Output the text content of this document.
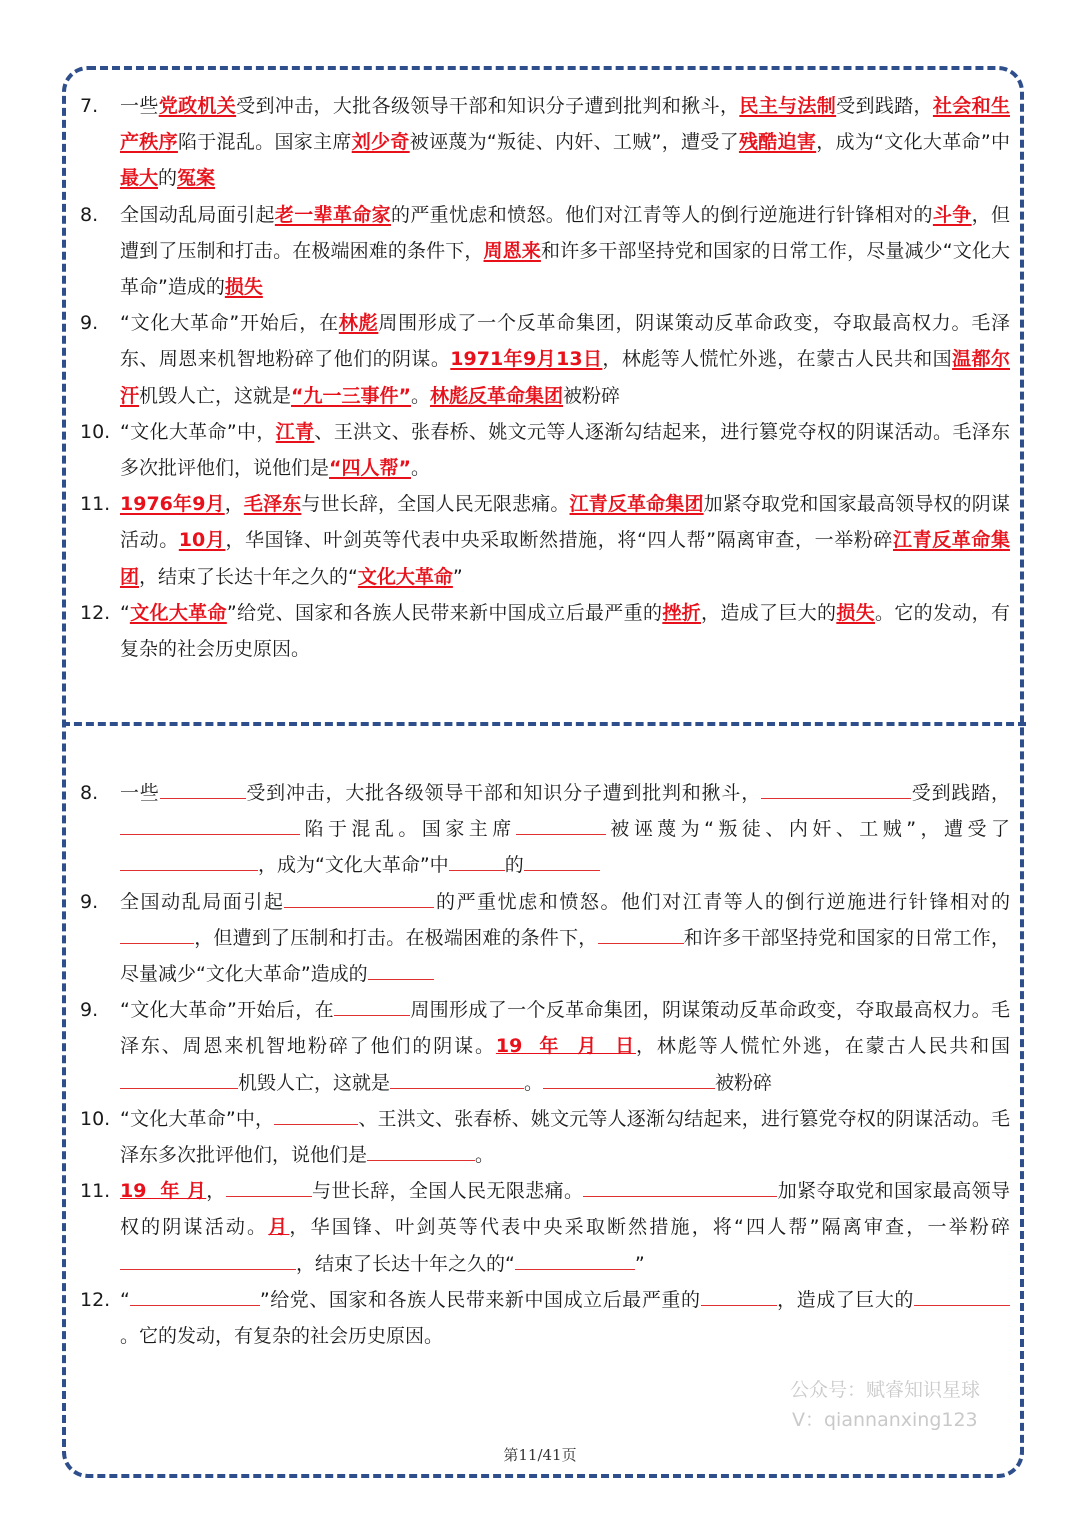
7.	一些党政机关受到冲击，大批各级领导干部和知识分子遭到批判和揪斗，民主与法制受到践踏，社会和生产秩序陷于混乱。国家主席刘少奇被诬蔑为“叛徒、内奸、工贼”，遭受了残酷迫害，成为“文化大革命”中最大的冤案
8.	全国动乱局面引起老一辈革命家的严重忧虑和愤怒。他们对江青等人的倒行逆施进行针锋相对的斗争，但遭到了压制和打击。在极端困难的条件下，周恩来和许多干部坚持党和国家的日常工作，尽量减少“文化大革命”造成的损失
9.	“文化大革命”开始后，在林彪周围形成了一个反革命集团，阴谋策动反革命政变，夺取最高权力。毛泽东、周恩来机智地粉碎了他们的阴谋。1971年9月13日，林彪等人慌忙外逃，在蒙古人民共和国温都尔汗机毁人亡，这就是“九一三事件”。林彪反革命集团被粉碎
10. “文化大革命”中，江青、王洪文、张春桥、姚文元等人逐渐勾结起来，进行篡党夺权的阴谋活动。毛泽东多次批评他们，说他们是“四人帮”。
11. 1976年9月，毛泽东与世长辞，全国人民无限悲痛。江青反革命集团加紧夺取党和国家最高领导权的阴谋活动。10月，华国锋、叶剑英等代表中央采取断然措施，将“四人帮”隔离审查，一举粉碎江青反革命集团，结束了长达十年之久的“文化大革命”
12. “文化大革命”给党、国家和各族人民带来新中国成立后最严重的挫折，造成了巨大的损失。它的发动，有复杂的社会历史原因。
8.	一些	受到冲击，大批各级领导干部和知识分子遭到批判和揪斗，	受到践踏，陷于混乱。国家主席	被诬蔑为“叛徒、内奸、工贼”，遭受了，成为“文化大革命”中	的
9.	全国动乱局面引起	的严重忧虑和愤怒。他们对江青等人的倒行逆施进行针锋相对的，但遭到了压制和打击。在极端困难的条件下，	和许多干部坚持党和国家的日常工作，尽量减少“文化大革命”造成的
9.	“文化大革命”开始后，在	周围形成了一个反革命集团，阴谋策动反革命政变，夺取最高权力。毛泽东、周恩来机智地粉碎了他们的阴谋。19  年  月  日，林彪等人慌忙外逃，在蒙古人民共和国机毁人亡，这就是	。	被粉碎
10. “文化大革命”中，	、王洪文、张春桥、姚文元等人逐渐勾结起来，进行篡党夺权的阴谋活动。毛泽东多次批评他们，说他们是	。
11. 19  年 月，	与世长辞，全国人民无限悲痛。	加紧夺取党和国家最高领导权的阴谋活动。月，华国锋、叶剑英等代表中央采取断然措施，将“四人帮”隔离审查，一举粉碎，结束了长达十年之久的“	”
12. “	”给党、国家和各族人民带来新中国成立后最严重的	，造成了巨大的。它的发动，有复杂的社会历史原因。
公众号：赋睿知识星球
V：qiannanxing123
第11/41页
